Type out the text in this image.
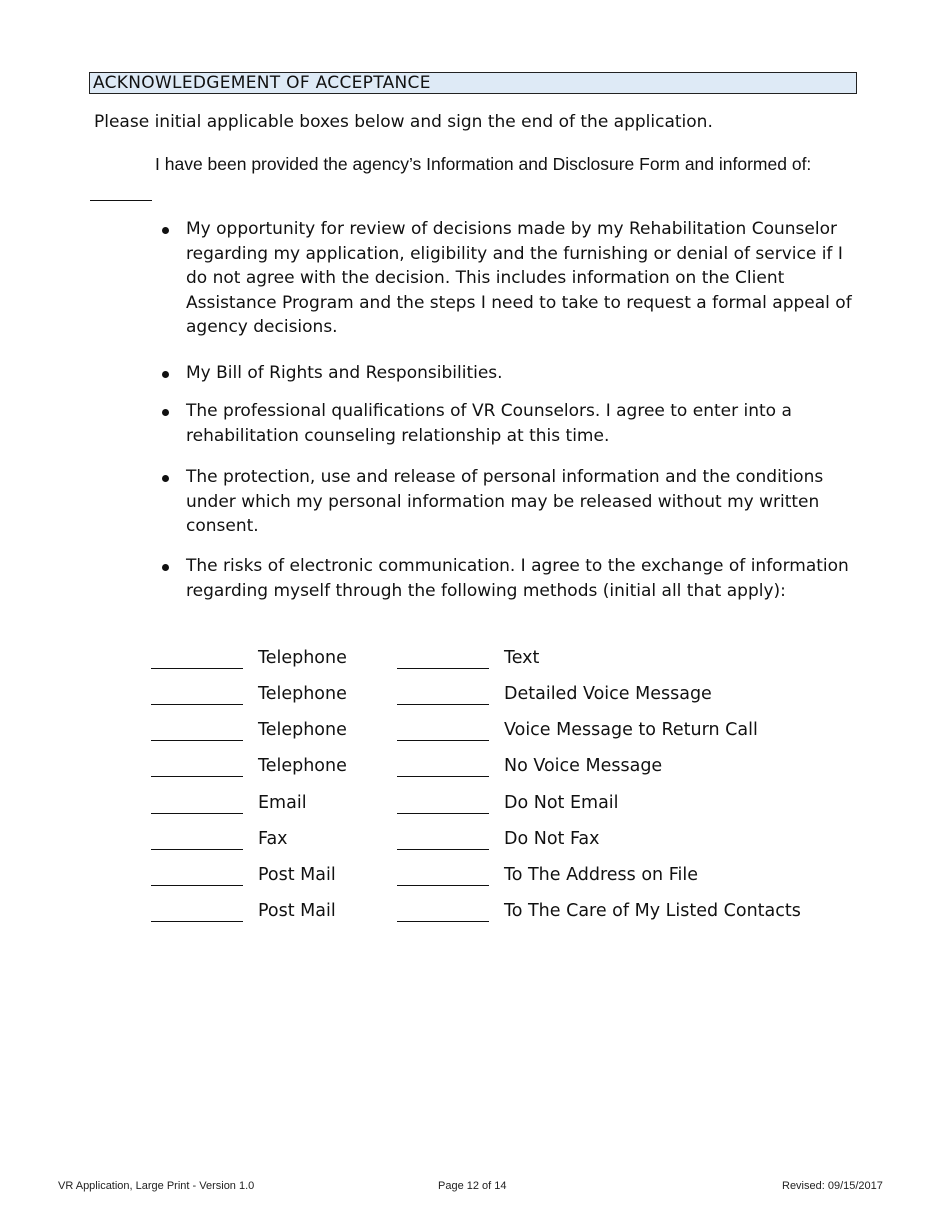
ACKNOWLEDGEMENT OF ACCEPTANCE
Please initial applicable boxes below and sign the end of the application.
I have been provided the agency’s Information and Disclosure Form and informed of:
My opportunity for review of decisions made by my Rehabilitation Counselor regarding my application, eligibility and the furnishing or denial of service if I do not agree with the decision. This includes information on the Client Assistance Program and the steps I need to take to request a formal appeal of agency decisions.
My Bill of Rights and Responsibilities.
The professional qualifications of VR Counselors. I agree to enter into a rehabilitation counseling relationship at this time.
The protection, use and release of personal information and the conditions under which my personal information may be released without my written consent.
The risks of electronic communication. I agree to the exchange of information regarding myself through the following methods (initial all that apply):
Telephone	Text
Telephone	Detailed Voice Message
Telephone	Voice Message to Return Call
Telephone	No Voice Message
Email	Do Not Email
Fax	Do Not Fax
Post Mail	To The Address on File
Post Mail	To The Care of My Listed Contacts
VR Application, Large Print - Version 1.0	Page 12 of 14	Revised: 09/15/2017
